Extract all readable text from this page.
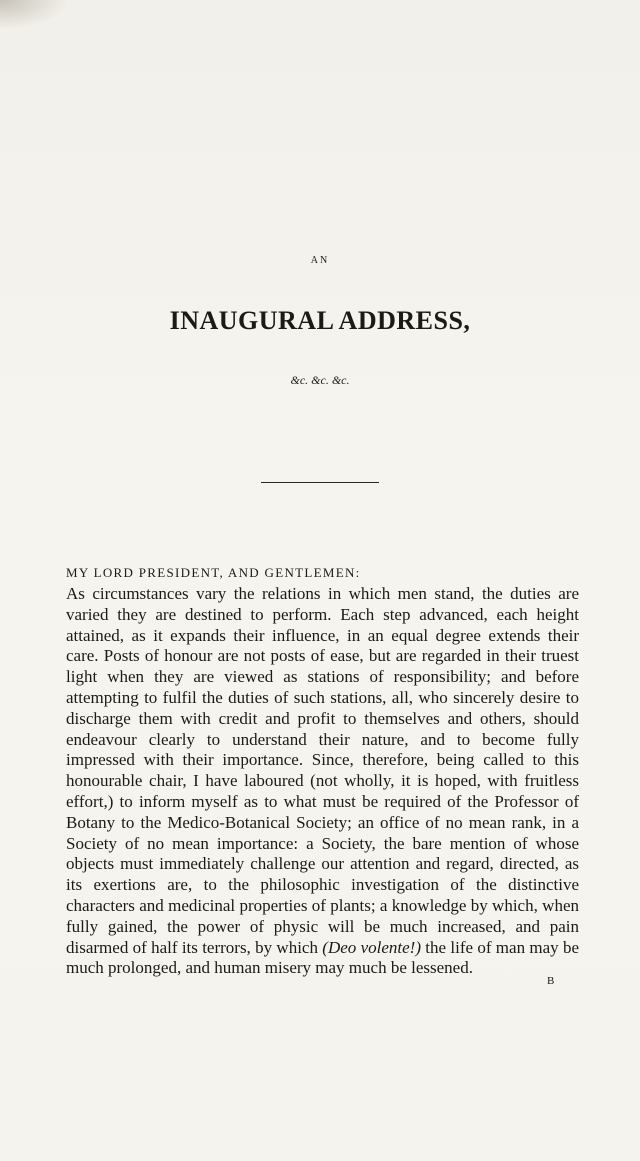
AN
INAUGURAL ADDRESS,
&c. &c. &c.
MY LORD PRESIDENT, AND GENTLEMEN:
As circumstances vary the relations in which men stand, the duties are varied they are destined to perform. Each step advanced, each height attained, as it expands their influence, in an equal degree extends their care. Posts of honour are not posts of ease, but are regarded in their truest light when they are viewed as stations of responsibility; and before attempting to fulfil the duties of such stations, all, who sincerely desire to discharge them with credit and profit to themselves and others, should endeavour clearly to understand their nature, and to become fully impressed with their importance. Since, therefore, being called to this honourable chair, I have laboured (not wholly, it is hoped, with fruitless effort,) to inform myself as to what must be required of the Professor of Botany to the Medico-Botanical Society; an office of no mean rank, in a Society of no mean importance: a Society, the bare mention of whose objects must immediately challenge our attention and regard, directed, as its exertions are, to the philosophic investigation of the distinctive characters and medicinal properties of plants; a knowledge by which, when fully gained, the power of physic will be much increased, and pain disarmed of half its terrors, by which (Deo volente!) the life of man may be much prolonged, and human misery may much be lessened.
B
